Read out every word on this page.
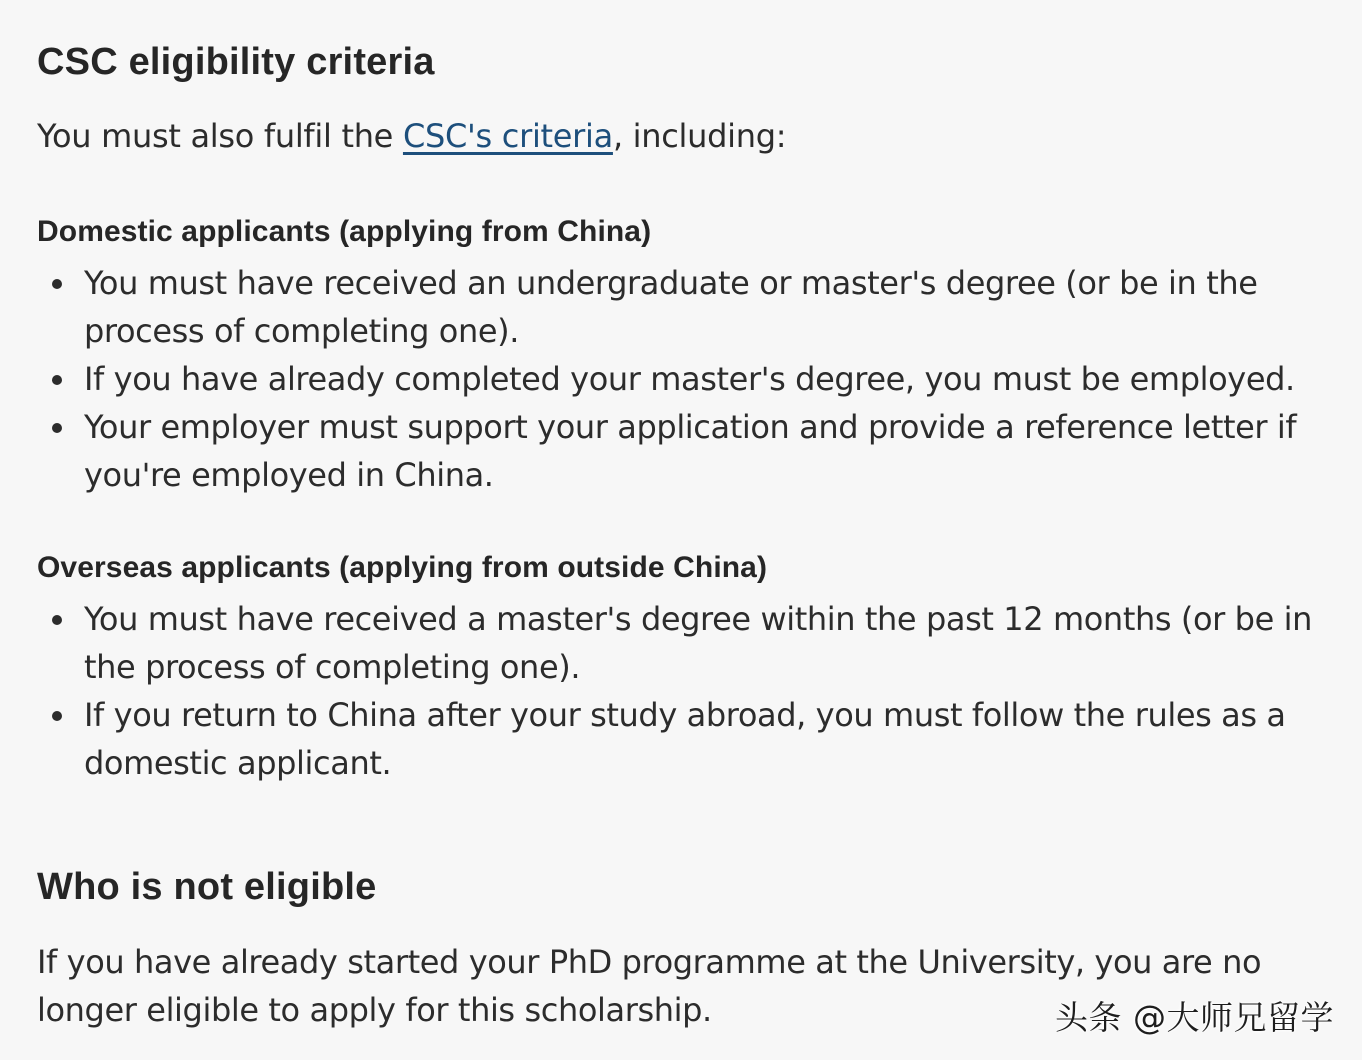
CSC eligibility criteria

You must also fulfil the CSC's criteria, including:

Domestic applicants (applying from China)
You must have received an undergraduate or master's degree (or be in the process of completing one).
If you have already completed your master's degree, you must be employed.
Your employer must support your application and provide a reference letter if you're employed in China.
Overseas applicants (applying from outside China)
You must have received a master's degree within the past 12 months (or be in the process of completing one).
If you return to China after your study abroad, you must follow the rules as a domestic applicant.
Who is not eligible

If you have already started your PhD programme at the University, you are no longer eligible to apply for this scholarship.	头条 @大师兄留学
